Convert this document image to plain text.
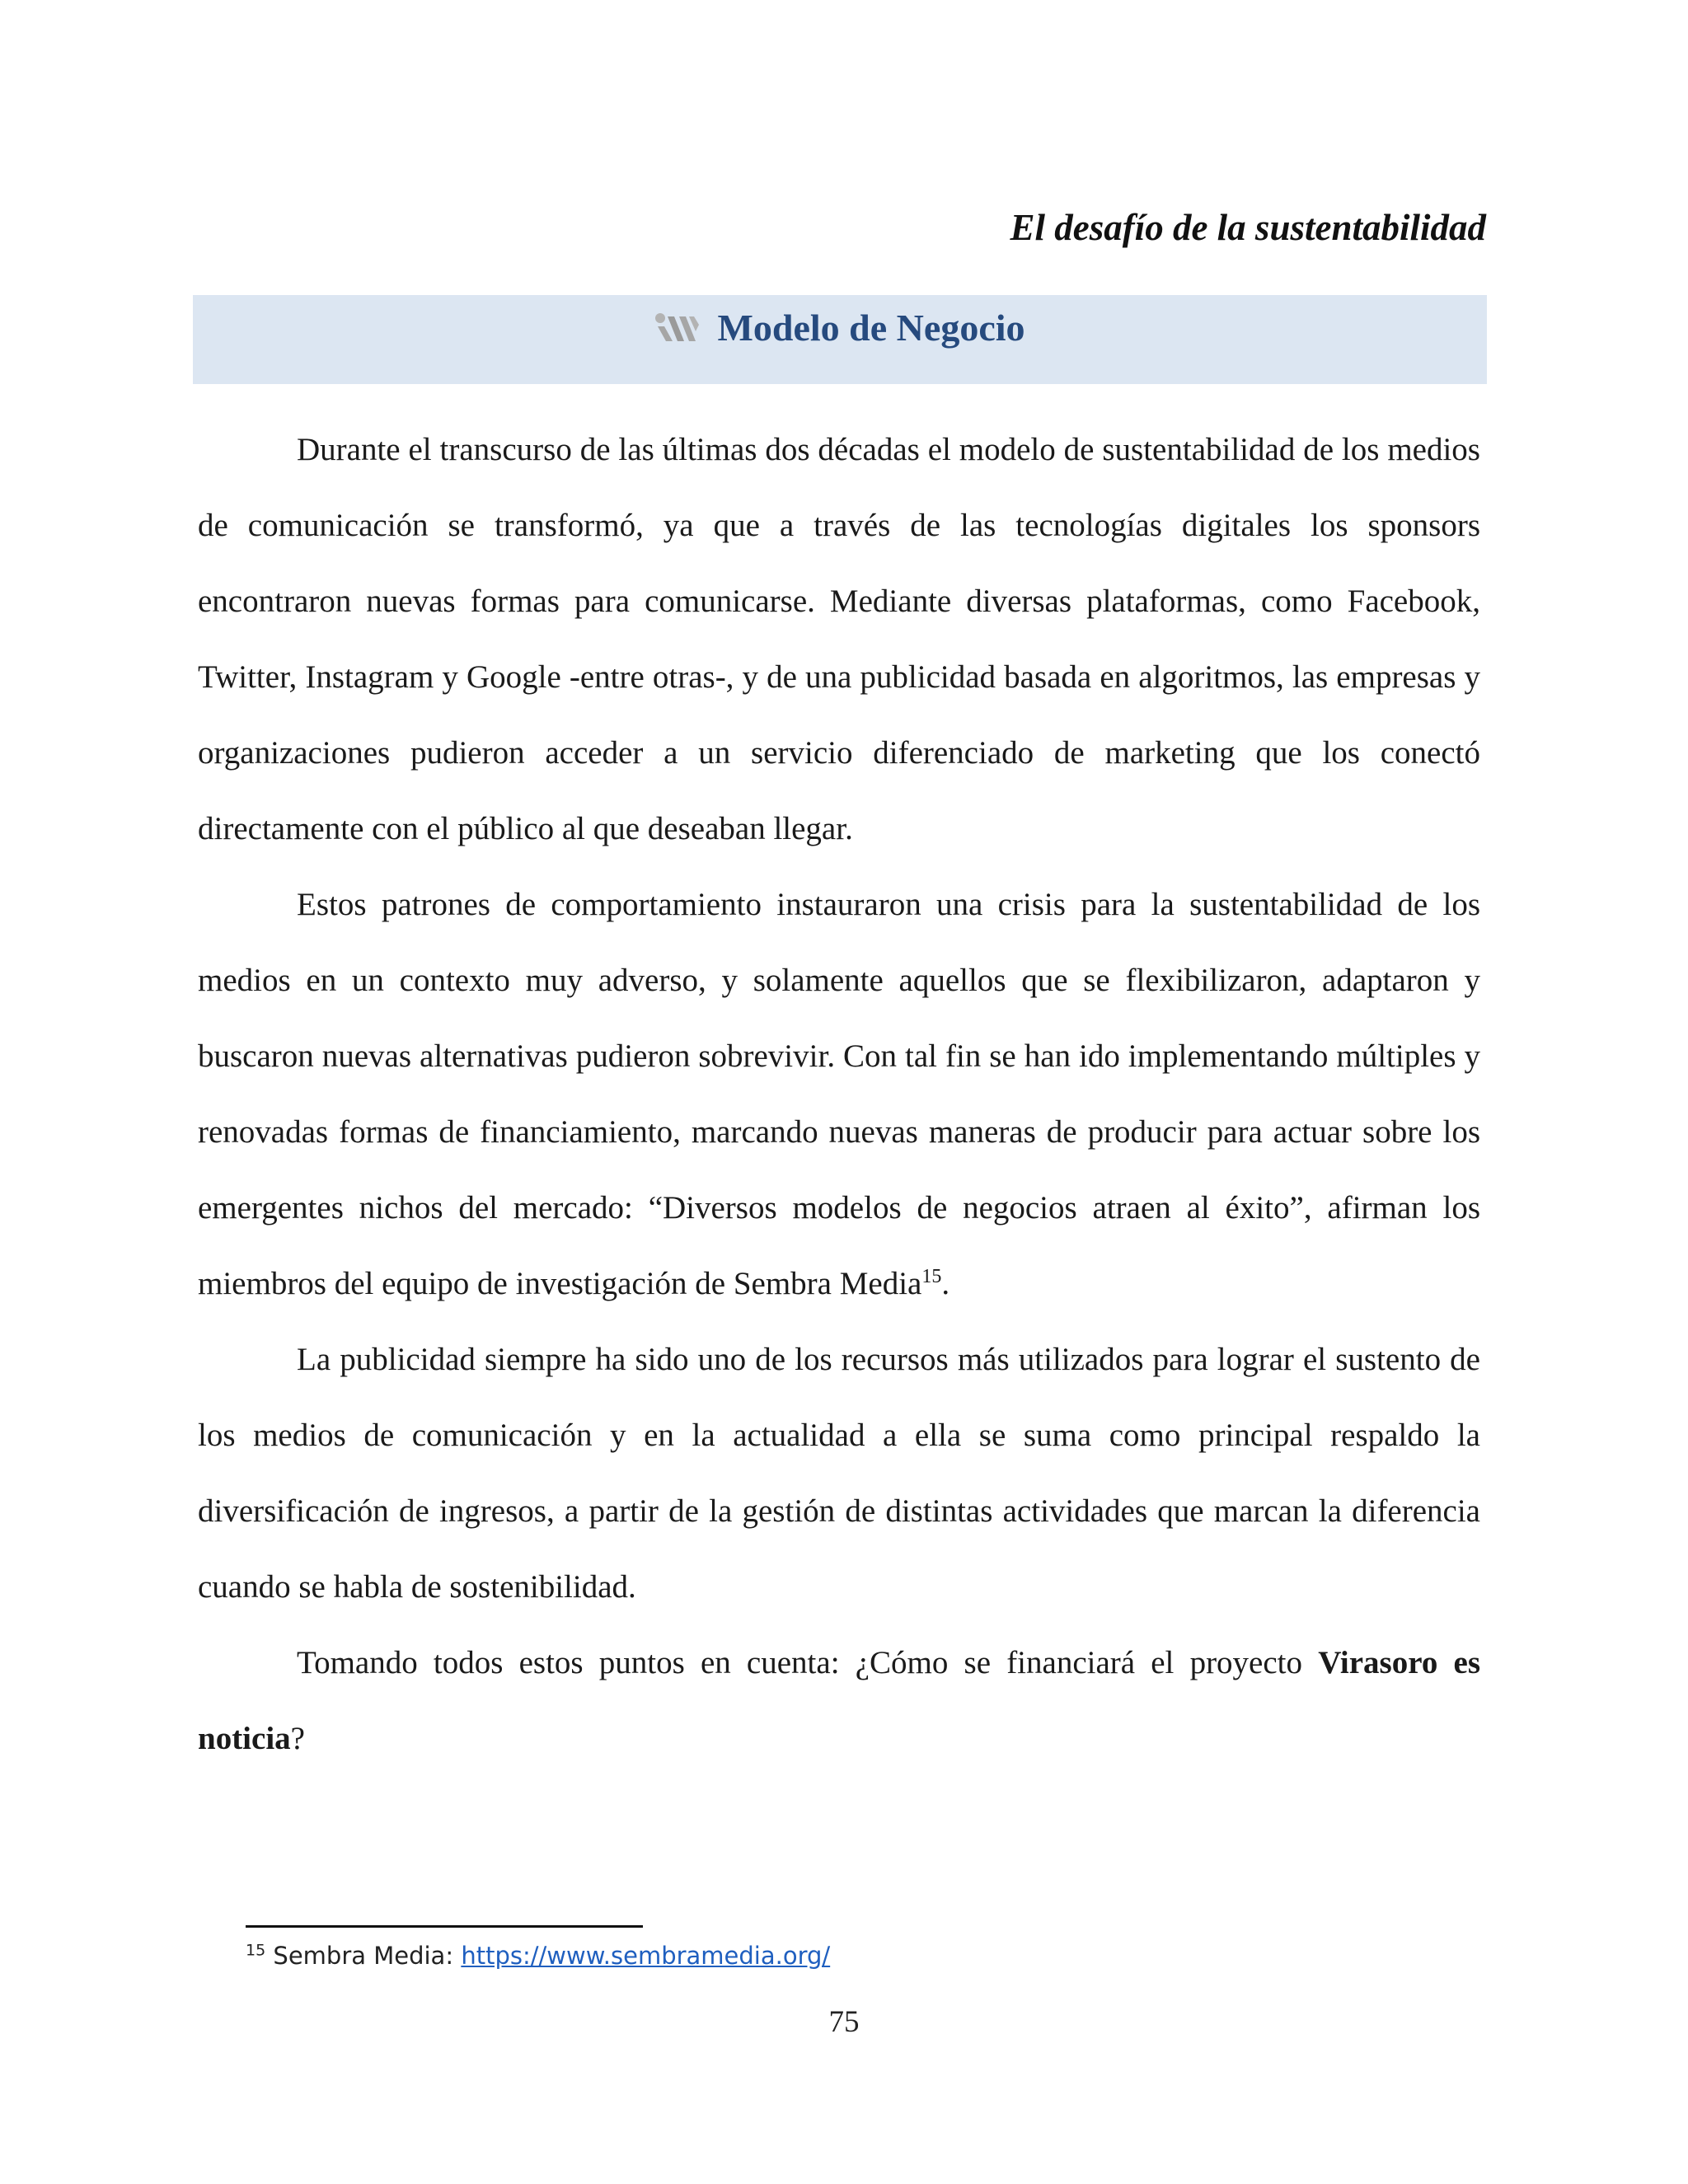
El desafío de la sustentabilidad
Modelo de Negocio

Durante el transcurso de las últimas dos décadas el modelo de sustentabilidad de los medios de comunicación se transformó, ya que a través de las tecnologías digitales los sponsors encontraron nuevas formas para comunicarse. Mediante diversas plataformas, como Facebook, Twitter, Instagram y Google -entre otras-, y de una publicidad basada en algoritmos, las empresas y organizaciones pudieron acceder a un servicio diferenciado de marketing que los conectó directamente con el público al que deseaban llegar.

Estos patrones de comportamiento instauraron una crisis para la sustentabilidad de los medios en un contexto muy adverso, y solamente aquellos que se flexibilizaron, adaptaron y buscaron nuevas alternativas pudieron sobrevivir. Con tal fin se han ido implementando múltiples y renovadas formas de financiamiento, marcando nuevas maneras de producir para actuar sobre los emergentes nichos del mercado: “Diversos modelos de negocios atraen al éxito”, afirman los miembros del equipo de investigación de Sembra Media$^{15}$.

La publicidad siempre ha sido uno de los recursos más utilizados para lograr el sustento de los medios de comunicación y en la actualidad a ella se suma como principal respaldo la diversificación de ingresos, a partir de la gestión de distintas actividades que marcan la diferencia cuando se habla de sostenibilidad.

Tomando todos estos puntos en cuenta: ¿Cómo se financiará el proyecto Virasoro es noticia?

$^{15}$ Sembra Media: https://www.sembramedia.org/
75
